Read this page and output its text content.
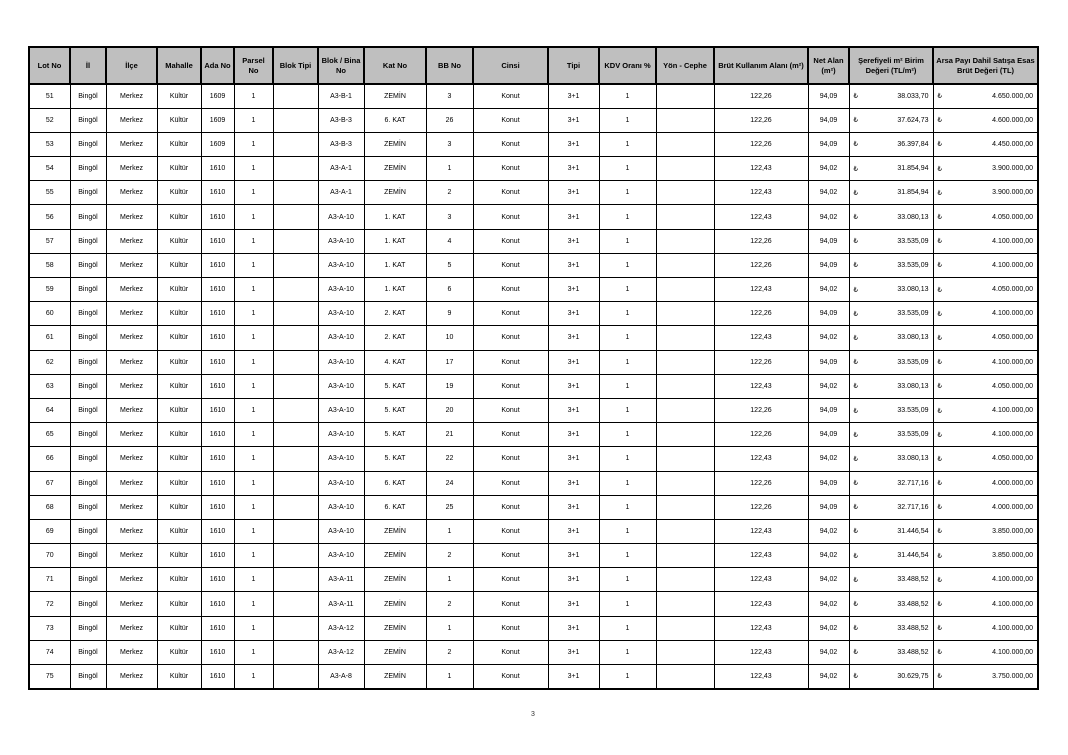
Lot No	İl	İlçe	Mahalle	Ada No	Parsel No	Blok Tipi	Blok / Bina No	Kat No	BB No	Cinsi	Tipi	KDV Oranı %	Yön - Cephe	Brüt Kullanım Alanı (m²)	Net Alan (m²)	Şerefiyeli m² Birim Değeri (TL/m²)	Arsa Payı Dahil Satışa Esas Brüt Değeri (TL)
51	Bingöl	Merkez	Kültür	1609	1		A3-B-1	ZEMİN	3	Konut	3+1	1		122,26	94,09	₺ 38.033,70	₺ 4.650.000,00
52	Bingöl	Merkez	Kültür	1609	1		A3-B-3	6. KAT	26	Konut	3+1	1		122,26	94,09	₺ 37.624,73	₺ 4.600.000,00
53	Bingöl	Merkez	Kültür	1609	1		A3-B-3	ZEMİN	3	Konut	3+1	1		122,26	94,09	₺ 36.397,84	₺ 4.450.000,00
54	Bingöl	Merkez	Kültür	1610	1		A3-A-1	ZEMİN	1	Konut	3+1	1		122,43	94,02	₺ 31.854,94	₺ 3.900.000,00
55	Bingöl	Merkez	Kültür	1610	1		A3-A-1	ZEMİN	2	Konut	3+1	1		122,43	94,02	₺ 31.854,94	₺ 3.900.000,00
56	Bingöl	Merkez	Kültür	1610	1		A3-A-10	1. KAT	3	Konut	3+1	1		122,43	94,02	₺ 33.080,13	₺ 4.050.000,00
57	Bingöl	Merkez	Kültür	1610	1		A3-A-10	1. KAT	4	Konut	3+1	1		122,26	94,09	₺ 33.535,09	₺ 4.100.000,00
58	Bingöl	Merkez	Kültür	1610	1		A3-A-10	1. KAT	5	Konut	3+1	1		122,26	94,09	₺ 33.535,09	₺ 4.100.000,00
59	Bingöl	Merkez	Kültür	1610	1		A3-A-10	1. KAT	6	Konut	3+1	1		122,43	94,02	₺ 33.080,13	₺ 4.050.000,00
60	Bingöl	Merkez	Kültür	1610	1		A3-A-10	2. KAT	9	Konut	3+1	1		122,26	94,09	₺ 33.535,09	₺ 4.100.000,00
61	Bingöl	Merkez	Kültür	1610	1		A3-A-10	2. KAT	10	Konut	3+1	1		122,43	94,02	₺ 33.080,13	₺ 4.050.000,00
62	Bingöl	Merkez	Kültür	1610	1		A3-A-10	4. KAT	17	Konut	3+1	1		122,26	94,09	₺ 33.535,09	₺ 4.100.000,00
63	Bingöl	Merkez	Kültür	1610	1		A3-A-10	5. KAT	19	Konut	3+1	1		122,43	94,02	₺ 33.080,13	₺ 4.050.000,00
64	Bingöl	Merkez	Kültür	1610	1		A3-A-10	5. KAT	20	Konut	3+1	1		122,26	94,09	₺ 33.535,09	₺ 4.100.000,00
65	Bingöl	Merkez	Kültür	1610	1		A3-A-10	5. KAT	21	Konut	3+1	1		122,26	94,09	₺ 33.535,09	₺ 4.100.000,00
66	Bingöl	Merkez	Kültür	1610	1		A3-A-10	5. KAT	22	Konut	3+1	1		122,43	94,02	₺ 33.080,13	₺ 4.050.000,00
67	Bingöl	Merkez	Kültür	1610	1		A3-A-10	6. KAT	24	Konut	3+1	1		122,26	94,09	₺ 32.717,16	₺ 4.000.000,00
68	Bingöl	Merkez	Kültür	1610	1		A3-A-10	6. KAT	25	Konut	3+1	1		122,26	94,09	₺ 32.717,16	₺ 4.000.000,00
69	Bingöl	Merkez	Kültür	1610	1		A3-A-10	ZEMİN	1	Konut	3+1	1		122,43	94,02	₺ 31.446,54	₺ 3.850.000,00
70	Bingöl	Merkez	Kültür	1610	1		A3-A-10	ZEMİN	2	Konut	3+1	1		122,43	94,02	₺ 31.446,54	₺ 3.850.000,00
71	Bingöl	Merkez	Kültür	1610	1		A3-A-11	ZEMİN	1	Konut	3+1	1		122,43	94,02	₺ 33.488,52	₺ 4.100.000,00
72	Bingöl	Merkez	Kültür	1610	1		A3-A-11	ZEMİN	2	Konut	3+1	1		122,43	94,02	₺ 33.488,52	₺ 4.100.000,00
73	Bingöl	Merkez	Kültür	1610	1		A3-A-12	ZEMİN	1	Konut	3+1	1		122,43	94,02	₺ 33.488,52	₺ 4.100.000,00
74	Bingöl	Merkez	Kültür	1610	1		A3-A-12	ZEMİN	2	Konut	3+1	1		122,43	94,02	₺ 33.488,52	₺ 4.100.000,00
75	Bingöl	Merkez	Kültür	1610	1		A3-A-8	ZEMİN	1	Konut	3+1	1		122,43	94,02	₺ 30.629,75	₺ 3.750.000,00
3
